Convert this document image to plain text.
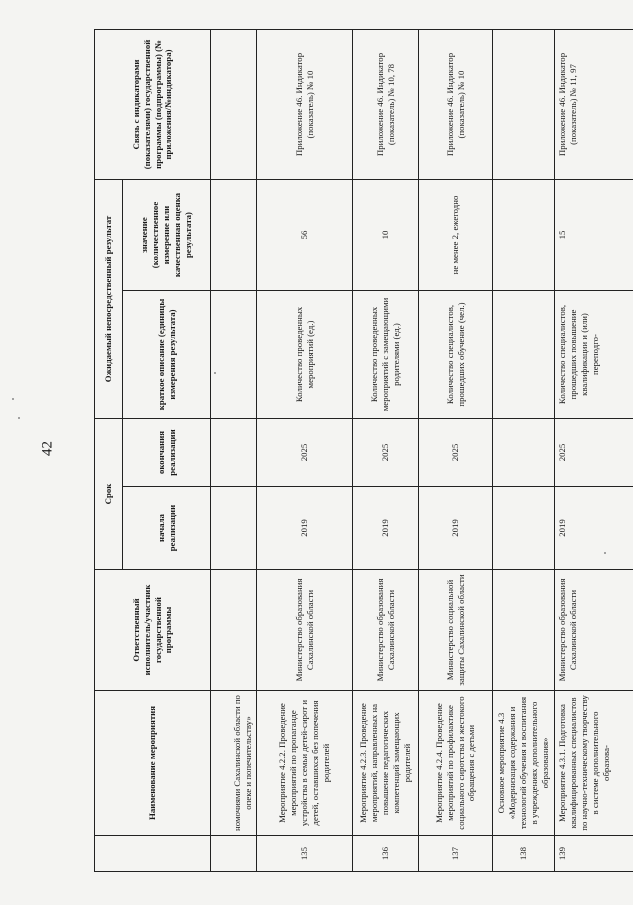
42
	Наименование мероприятия	Ответственный исполнитель/участник государственной программы	Срок		Ожидаемый непосредственный результат		Связь с индикаторами (показателями) государственной программы (подпрограммы) (№ приложения/№индикатора)
			начала реализации	окончания реализации	краткое описание (единицы измерения результата)	значение (количественное измерение или качественная оценка результата)	
	номочиями Сахалинской области по опеке и попечительству»						
135	Мероприятие 4.2.2. Проведение мероприятий по пропаганде устройства в семьи детей-сирот и детей, оставшихся без попечения родителей	Министерство образования Сахалинской области	2019	2025	Количество проведенных мероприятий (ед.)	56	Приложение 46. Индикатор (показатель) № 10
136	Мероприятие 4.2.3. Проведение мероприятий, направленных на повышение педагогических компетенций замещающих родителей	Министерство образования Сахалинской области	2019	2025	Количество проведенных мероприятий с замещающими родителями (ед.)	10	Приложение 46. Индикатор (показатель) № 10, 78
137	Мероприятие 4.2.4. Проведение мероприятий по профилактике социального сиротства и жестокого обращения с детьми	Министерство социальной защиты Сахалинской области	2019	2025	Количество специалистов, прошедших обучение (чел.)	не менее 2, ежегодно	Приложение 46. Индикатор (показатель) № 10
138	Основное мероприятие 4.3 «Модернизация содержания и технологий обучения и воспитания в учреждениях дополнительного образования»						
139	Мероприятие 4.3.1. Подготовка квалифицированных специалистов по научно-техническому творчеству в системе дополнительного образова-	Министерство образования Сахалинской области	2019	2025	Количество специалистов, прошедших повышение квалификации и (или) переподго-	15	Приложение 46. Индикатор (показатель) № 11, 97
